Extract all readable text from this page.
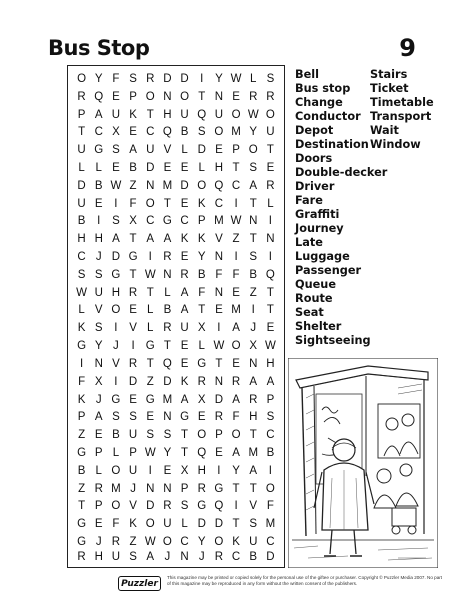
Bus Stop	9
O Y F S R D D I	Y W L S
R Q E P O N O T N E R R
P A U K T H U Q U O W O
T C X E C Q B S O M Y U
U G S A U V L D E P O T
L L E B D E E L H T S E
D B W Z N M D O Q C A R
U E	I	F O T E K C I	T L
B	I	S X C G C P M W N I
H H A T A A K K V Z T N
C J D G I R E Y N I	S	I
S S G T W N R B F F B Q
W U H R T L A F N E Z T
L V O E L B A T E M I	T
K S	I	V L R U X	I	A J E
G Y J	I G T E L W O X W
I N V R T Q E G T E N H
F X	I D Z D K R N R A A
K J G E G M A X D A R P
P A S S E N G E R F H S
Z E B U S S T O P O T C
G P L P W Y T Q E A M B
B L O U I	E X H I	Y A	I
Z R M J N N P R G T T O
T P O V D R S G Q I	V F
G E F K O U L D D T S M
G J R Z W O C Y O K U C
R H U S A J N J R C B D
Bell
Bus stop
Change
Conductor
Depot
Destination
Doors
Double-decker
Driver
Fare
Graffiti
Journey
Late
Luggage
Passenger
Queue
Route
Seat
Shelter
Sightseeing
Stairs
Ticket
Timetable
Transport
Wait
Window
Puzzler
This magazine may be printed or copied solely for the personal use of the giftee or purchaser. Copyright © Puzzler Media 2007. No part of this magazine may be reproduced in any form without the written consent of the publishers.
